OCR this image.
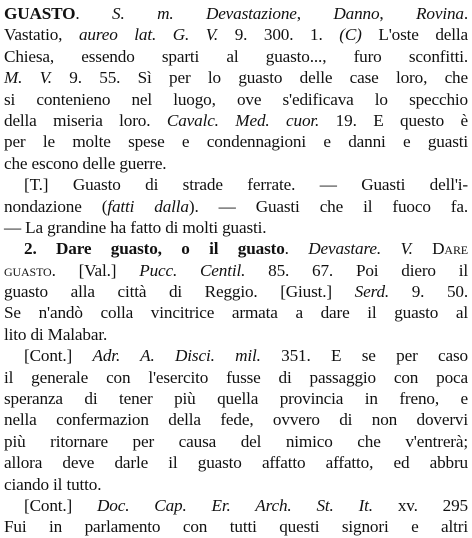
GUASTO. S. m. Devastazione, Danno, Rovina.
Vastatio, aureo lat. G. V. 9. 300. 1. (C) L'oste della
Chiesa, essendo sparti al guasto..., furo sconfitti.
M. V. 9. 55. Sì per lo guasto delle case loro, che
si contenieno nel luogo, ove s'edificava lo specchio
della miseria loro. Cavalc. Med. cuor. 19. E questo è
per le molte spese e condennagioni e danni e guasti
che escono delle guerre.
[T.] Guasto di strade ferrate. — Guasti dell'i-
nondazione (fatti dalla). — Guasti che il fuoco fa.
— La grandine ha fatto di molti guasti.
2. Dare guasto, o il guasto. Devastare. V. Dare
guasto. [Val.] Pucc. Centil. 85. 67. Poi diero il
guasto alla città di Reggio. [Giust.] Serd. 9. 50.
Se n'andò colla vincitrice armata a dare il guasto al
lito di Malabar.
[Cont.] Adr. A. Disci. mil. 351. E se per caso
il generale con l'esercito fusse di passaggio con poca
speranza di tener più quella provincia in freno, e
nella confermazion della fede, ovvero di non dovervi
più ritornare per causa del nimico che v'entrerà;
allora deve darle il guasto affatto affatto, ed abbru
ciando il tutto.
[Cont.] Doc. Cap. Er. Arch. St. It. xv. 295
Fui in parlamento con tutti questi signori e altri
